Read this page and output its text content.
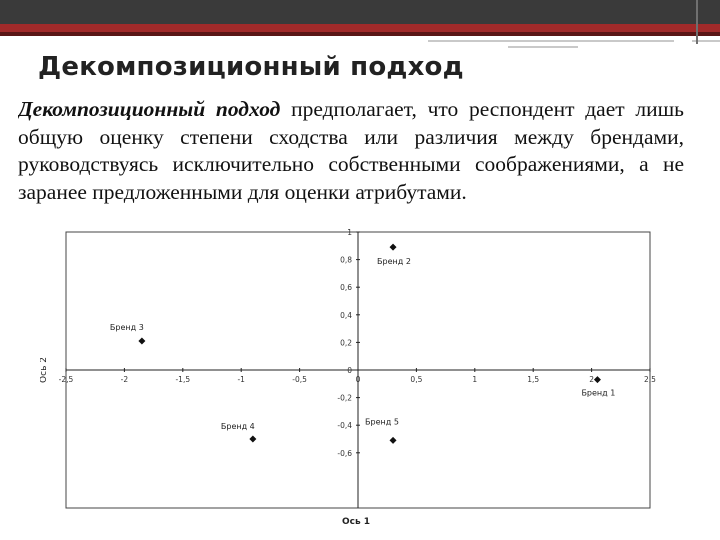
Декомпозиционный подход
Декомпозиционный подход предполагает, что респондент дает лишь общую оценку степени сходства или различия между брендами, руководствуясь исключительно собственными соображениями, а не заранее предложенными для оценки атрибутами.
-2,5	-2	-1,5	-1	-0,5	0	0,5	1	1,5	2	2,5
1
0,8
0,6
0,4
0,2
0
-0,2
-0,4
-0,6
Ось 1
Ось 2
Бренд 1
Бренд 2
Бренд 3
Бренд 4
Бренд 5
